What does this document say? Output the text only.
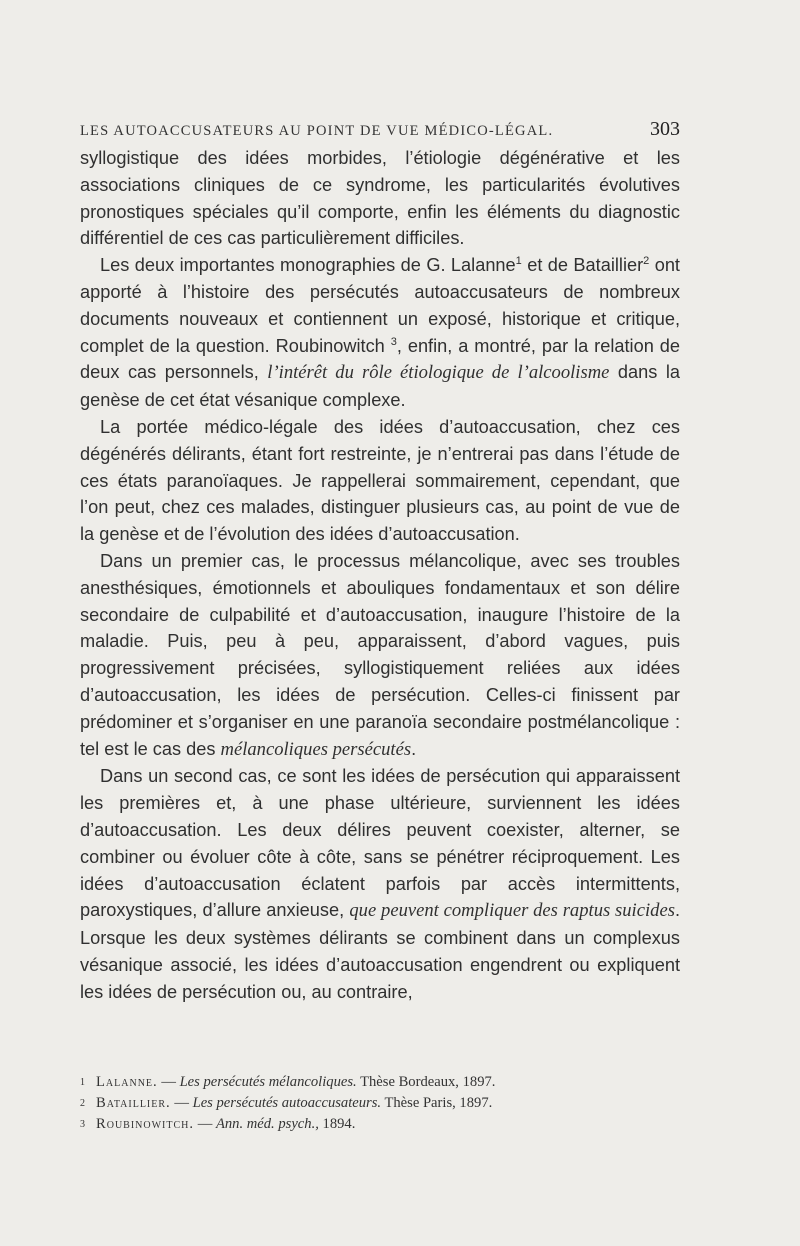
LES AUTOACCUSATEURS AU POINT DE VUE MÉDICO-LÉGAL.	303

syllogistique des idées morbides, l’étiologie dégénérative et les associations cliniques de ce syndrome, les particularités évolutives pronostiques spéciales qu’il comporte, enfin les éléments du diagnostic différentiel de ces cas particulièrement difficiles.

Les deux importantes monographies de G. Lalanne$^1$ et de Bataillier$^2$ ont apporté à l’histoire des persécutés autoaccusateurs de nombreux documents nouveaux et contiennent un exposé, historique et critique, complet de la question. Roubinowitch $^3$, enfin, a montré, par la relation de deux cas personnels, l’intérêt du rôle étiologique de l’alcoolisme dans la genèse de cet état vésanique complexe.

La portée médico-légale des idées d’autoaccusation, chez ces dégénérés délirants, étant fort restreinte, je n’entrerai pas dans l’étude de ces états paranoïaques. Je rappellerai sommairement, cependant, que l’on peut, chez ces malades, distinguer plusieurs cas, au point de vue de la genèse et de l’évolution des idées d’autoaccusation.

Dans un premier cas, le processus mélancolique, avec ses troubles anesthésiques, émotionnels et abouliques fondamentaux et son délire secondaire de culpabilité et d’autoaccusation, inaugure l’histoire de la maladie. Puis, peu à peu, apparaissent, d’abord vagues, puis progressivement précisées, syllogistiquement reliées aux idées d’autoaccusation, les idées de persécution. Celles-ci finissent par prédominer et s’organiser en une paranoïa secondaire postmélancolique : tel est le cas des mélancoliques persécutés.

Dans un second cas, ce sont les idées de persécution qui apparaissent les premières et, à une phase ultérieure, surviennent les idées d’autoaccusation. Les deux délires peuvent coexister, alterner, se combiner ou évoluer côte à côte, sans se pénétrer réciproquement. Les idées d’autoaccusation éclatent parfois par accès intermittents, paroxystiques, d’allure anxieuse, que peuvent compliquer des raptus suicides. Lorsque les deux systèmes délirants se combinent dans un complexus vésanique associé, les idées d’autoaccusation engendrent ou expliquent les idées de persécution ou, au contraire,

1 Lalanne. — Les persécutés mélancoliques. Thèse Bordeaux, 1897.
2 Bataillier. — Les persécutés autoaccusateurs. Thèse Paris, 1897.
3 Roubinowitch. — Ann. méd. psych., 1894.
